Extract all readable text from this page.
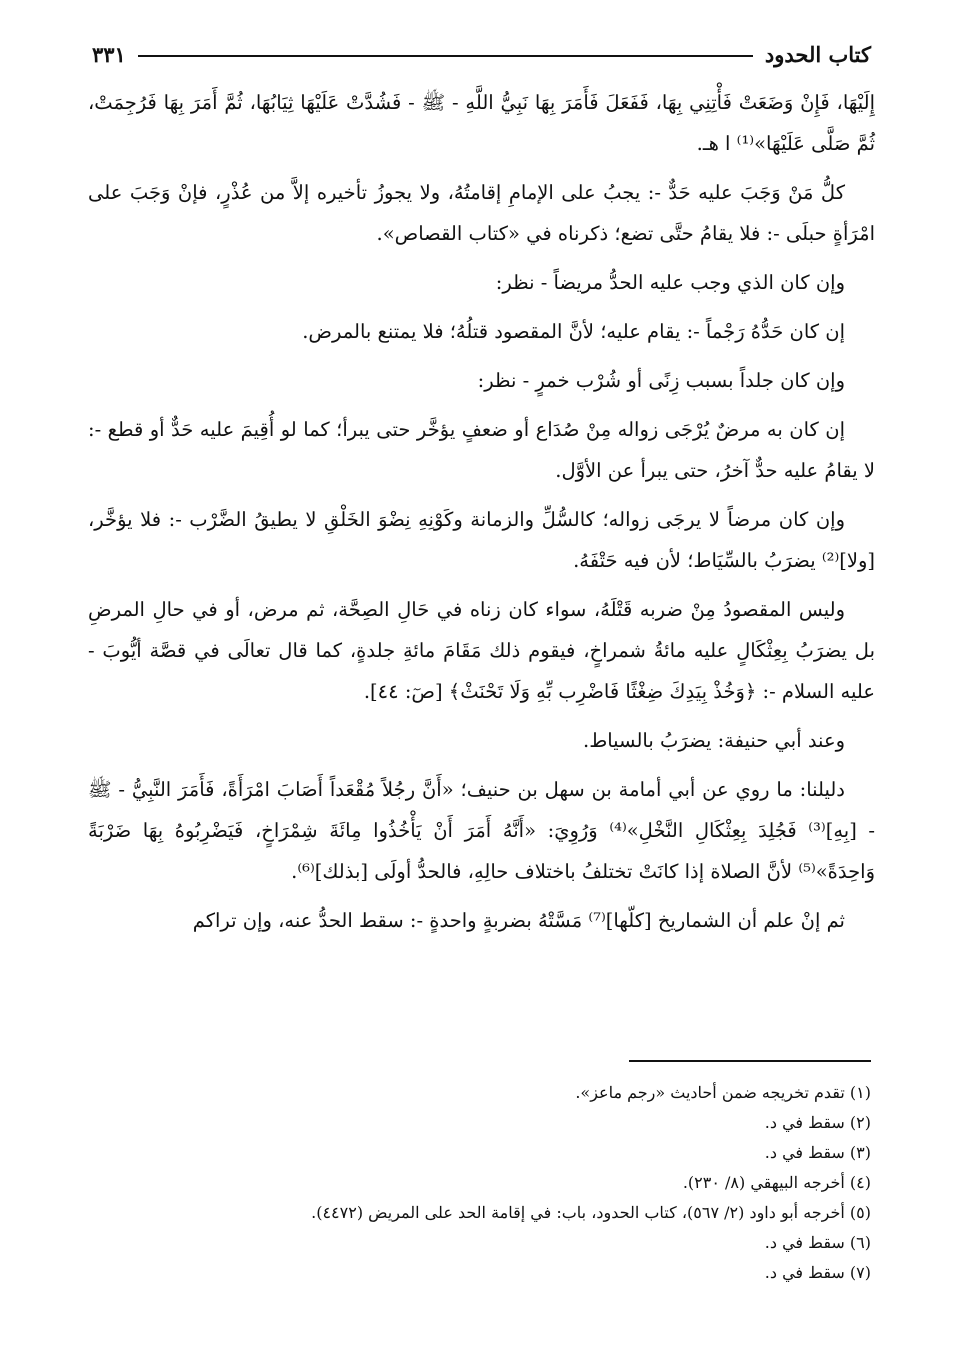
كتاب الحدود
٣٣١

إِلَيْهَا، فَإِنْ وَضَعَتْ فَأْتِنِي بِهَا، فَفَعَلَ فَأَمَرَ بِهَا نَبِيُّ اللَّهِ - ﷺ - فَشُدَّتْ عَلَيْهَا ثِيَابُهَا، ثُمَّ أَمَرَ بِهَا فَرُجِمَتْ، ثُمَّ صَلَّى عَلَيْهَا»⁽¹⁾ ا هـ.

كلُّ مَنْ وَجَبَ عليه حَدٌّ -: يجبُ على الإمامِ إقامتُهُ، ولا يجوزُ تأخيره إلاَّ من عُذْرٍ، فإنْ وَجَبَ على امْرَأةٍ حبلَى -: فلا يقامُ حتَّى تضع؛ ذكرناه في «كتاب القصاص».

وإن كان الذي وجب عليه الحدُّ مريضاً - نظر:

إن كان حَدُّهُ رَجْماً -: يقام عليه؛ لأنَّ المقصود قتلُهُ؛ فلا يمتنع بالمرض.

وإن كان جلداً بسبب زِنًى أو شُرْب خمرٍ - نظر:

إن كان به مرضٌ يُرْجَى زواله مِنْ صُدَاع أو ضعفٍ يؤخَّر حتى يبرأ؛ كما لو أُقِيمَ عليه حَدٌّ أو قطع -: لا يقامُ عليه حدٌّ آخرُ، حتى يبرأ عن الأوَّل.

وإن كان مرضاً لا يرجَى زواله؛ كالسُّلِّ والزمانة وكَوْنِهِ نِضْوَ الخَلْقِ لا يطيقُ الضَّرْب -: فلا يؤخَّر، [ولا]⁽²⁾ يضرَبُ بالسِّيَاط؛ لأن فيه حَتْفَهُ.

وليس المقصودُ مِنْ ضربه قَتْلَهُ، سواء كان زناه في حَالِ الصِحَّة، ثم مرض، أو في حالِ المرضِ بل يضرَبُ بِعِثْكَالٍ عليه مائةُ شمراخٍ، فيقوم ذلك مَقَامَ مائةِ جلدةٍ، كما قال تعالَى في قصَّة أيُّوبَ - عليه السلام -: ﴿وَخُذْ بِيَدِكَ ضِغْثًا فَاضْرِب بِّهِ وَلَا تَحْنَثْ﴾ [صٓ: ٤٤].

وعند أبي حنيفة: يضرَبُ بالسياط.

دليلنا: ما روي عن أبي أمامة بن سهل بن حنيف؛ «أَنَّ رجُلاً مُقْعَداً أَصَابَ امْرَأَةً، فَأَمَرَ النَّبِيُّ - ﷺ - [بِهِ]⁽³⁾ فَجُلِدَ بِعِثْكَالِ النَّخْلِ»⁽⁴⁾ وَرُوِيَ: «أَنَّهُ أَمَرَ أَنْ يَأْخُذُوا مِائَةَ شِمْرَاخٍ، فَيَضْرِبُوهُ بِهَا ضَرْبَةً وَاحِدَةً»⁽⁵⁾ لأنَّ الصلاة إذا كانَتْ تختلفُ باختلاف حالِهِ، فالحدُّ أولَى [بذلك]⁽⁶⁾.

ثم إنْ علم أن الشماريخ [كلّها]⁽⁷⁾ مَسَّتْهُ بضربةٍ واحدةٍ -: سقط الحدُّ عنه، وإن تراكم

(١) تقدم تخريجه ضمن أحاديث «رجم ماعز».

(٢) سقط في د.

(٣) سقط في د.

(٤) أخرجه البيهقي (٨/ ٢٣٠).

(٥) أخرجه أبو داود (٢/ ٥٦٧)، كتاب الحدود، باب: في إقامة الحد على المريض (٤٤٧٢).

(٦) سقط في د.

(٧) سقط في د.
